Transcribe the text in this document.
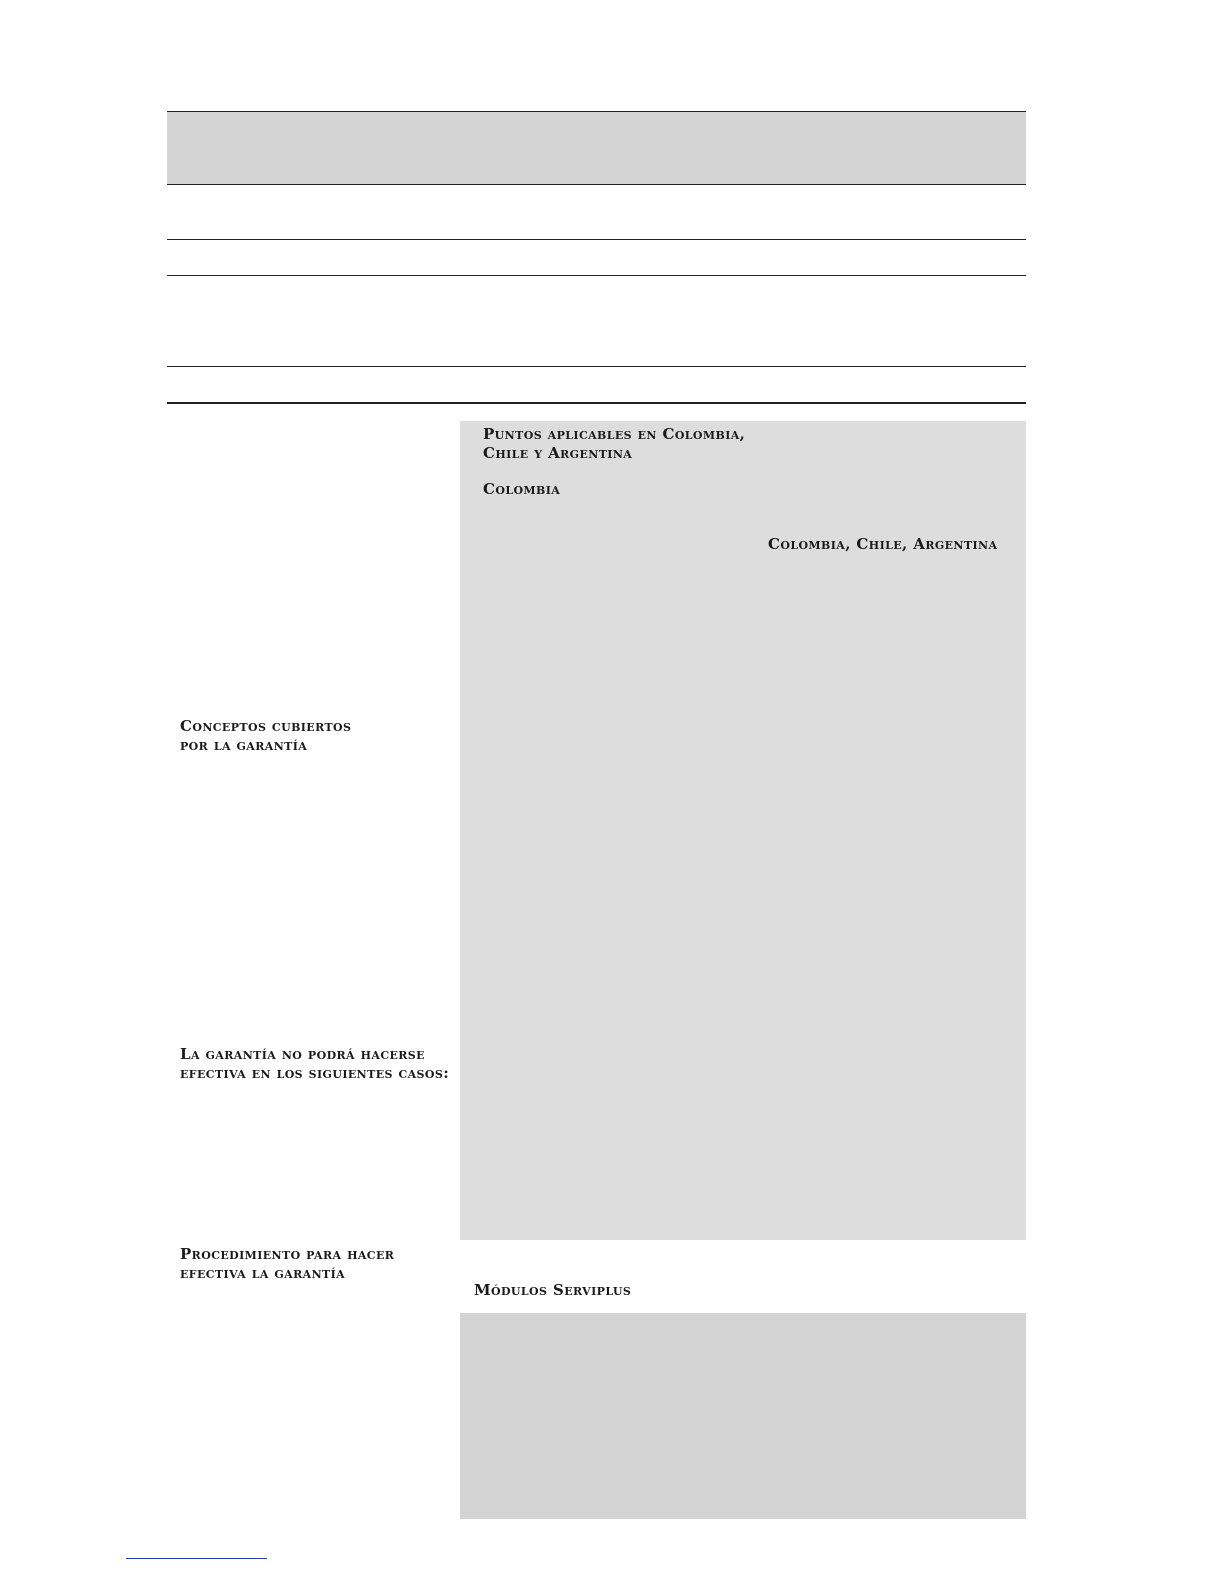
Puntos aplicables en Colombia,
Chile y Argentina
Colombia
Colombia, Chile, Argentina
Conceptos cubiertos
por la garantía
La garantía no podrá hacerse
efectiva en los siguientes casos:
Procedimiento para hacer
efectiva la garantía
Módulos Serviplus
